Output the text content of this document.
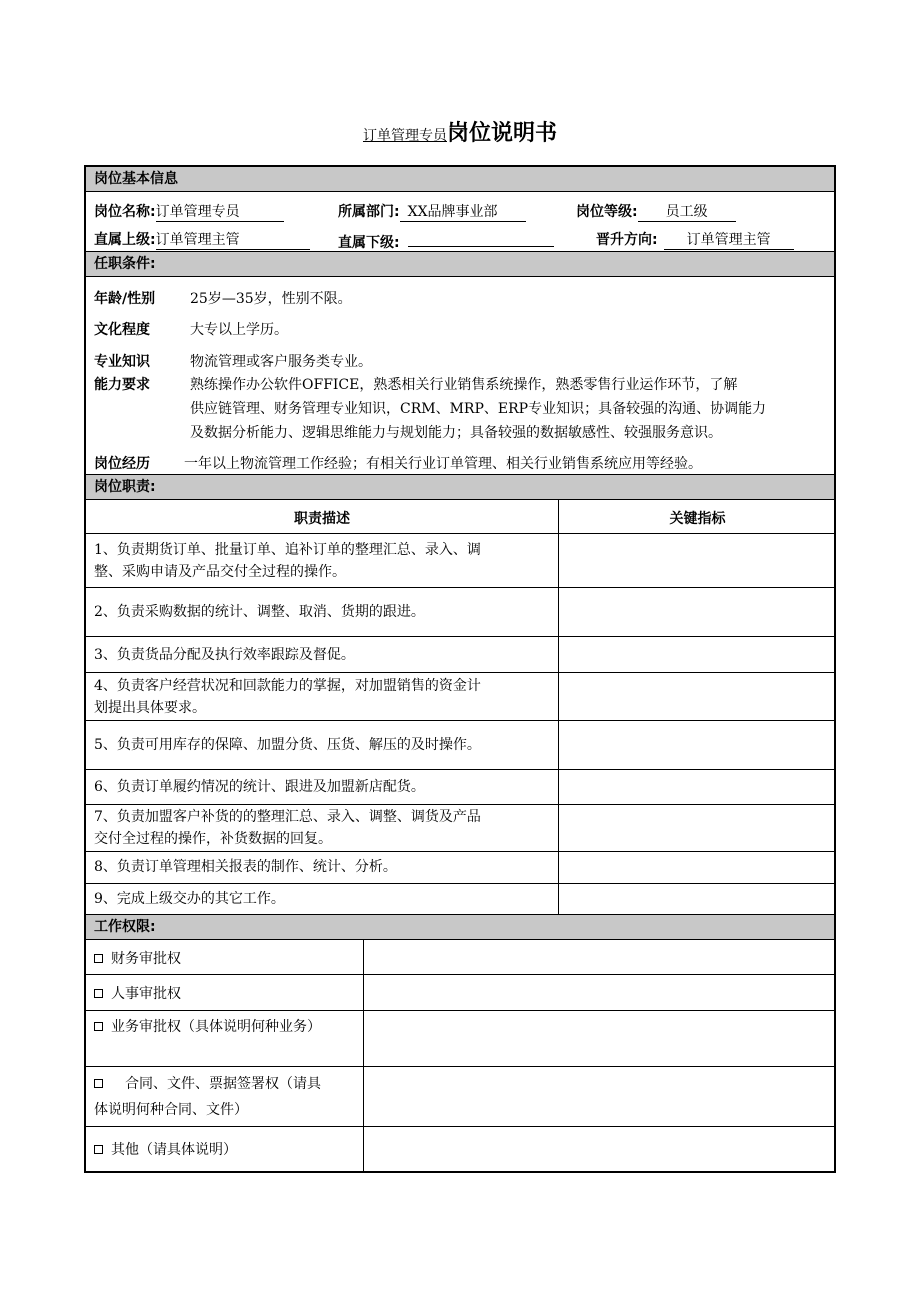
订单管理专员岗位说明书
岗位基本信息
岗位名称:订单管理专员	所属部门: XX品牌事业部	岗位等级: 员工级
直属上级:订单管理主管	直属下级:	晋升方向: 订单管理主管
任职条件:
年龄/性别 25岁—35岁，性别不限。
文化程度	大专以上学历。
专业知识	物流管理或客户服务类专业。
能力要求	熟练操作办公软件OFFICE，熟悉相关行业销售系统操作，熟悉零售行业运作环节，了解
供应链管理、财务管理专业知识，CRM、MRP、ERP专业知识；具备较强的沟通、协调能力
及数据分析能力、逻辑思维能力与规划能力；具备较强的数据敏感性、较强服务意识。
岗位经历 一年以上物流管理工作经验；有相关行业订单管理、相关行业销售系统应用等经验。
岗位职责:
职责描述	关键指标
1、负责期货订单、批量订单、追补订单的整理汇总、录入、调
整、采购申请及产品交付全过程的操作。
2、负责采购数据的统计、调整、取消、货期的跟进。
3、负责货品分配及执行效率跟踪及督促。
4、负责客户经营状况和回款能力的掌握，对加盟销售的资金计
划提出具体要求。
5、负责可用库存的保障、加盟分货、压货、解压的及时操作。
6、负责订单履约情况的统计、跟进及加盟新店配货。
7、负责加盟客户补货的的整理汇总、录入、调整、调货及产品
交付全过程的操作，补货数据的回复。
8、负责订单管理相关报表的制作、统计、分析。
9、完成上级交办的其它工作。
工作权限:
财务审批权
人事审批权
业务审批权（具体说明何种业务）
合同、文件、票据签署权（请具
体说明何种合同、文件）
其他（请具体说明）
